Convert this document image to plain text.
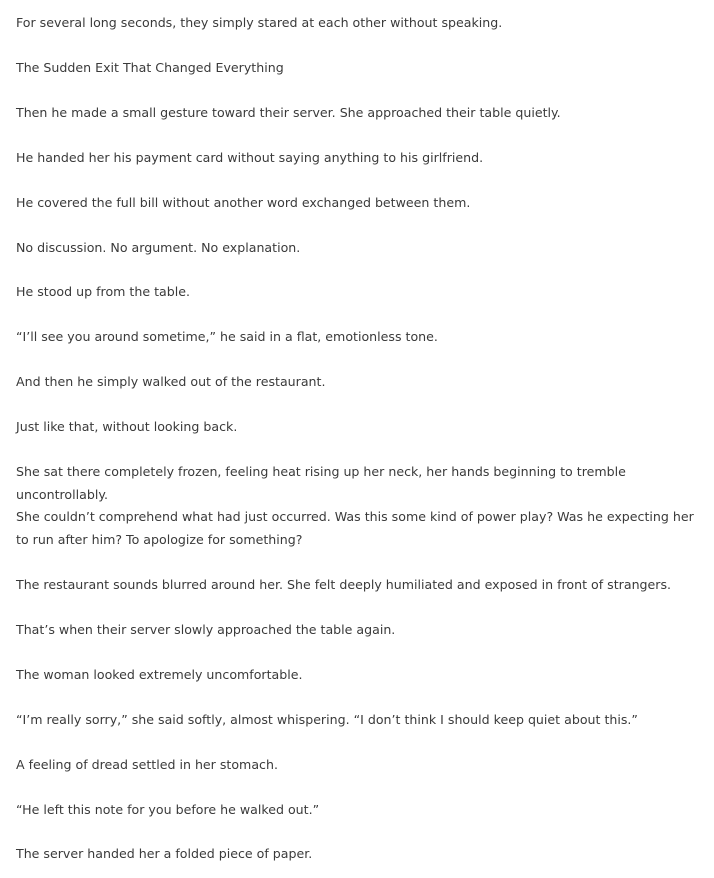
For several long seconds, they simply stared at each other without speaking.

The Sudden Exit That Changed Everything

Then he made a small gesture toward their server. She approached their table quietly.

He handed her his payment card without saying anything to his girlfriend.

He covered the full bill without another word exchanged between them.

No discussion. No argument. No explanation.

He stood up from the table.

“I’ll see you around sometime,” he said in a flat, emotionless tone.

And then he simply walked out of the restaurant.

Just like that, without looking back.

She sat there completely frozen, feeling heat rising up her neck, her hands beginning to tremble uncontrollably.

She couldn’t comprehend what had just occurred. Was this some kind of power play? Was he expecting her to run after him? To apologize for something?

The restaurant sounds blurred around her. She felt deeply humiliated and exposed in front of strangers.

That’s when their server slowly approached the table again.

The woman looked extremely uncomfortable.

“I’m really sorry,” she said softly, almost whispering. “I don’t think I should keep quiet about this.”

A feeling of dread settled in her stomach.

“He left this note for you before he walked out.”

The server handed her a folded piece of paper.
